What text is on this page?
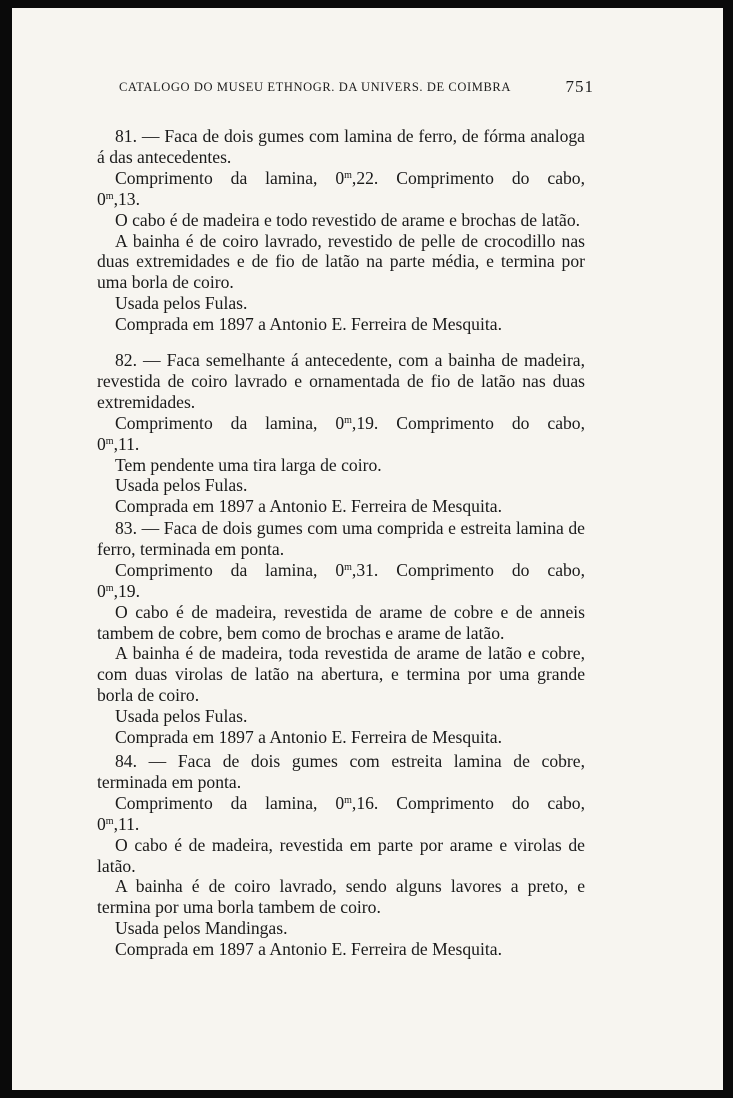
CATALOGO DO MUSEU ETHNOGR. DA UNIVERS. DE COIMBRA	751

81. — Faca de dois gumes com lamina de ferro, de fórma analoga á das antecedentes.

Comprimento da lamina, 0$^m$,22. Comprimento do cabo,

0$^m$,13.

O cabo é de madeira e todo revestido de arame e brochas de latão.

A bainha é de coiro lavrado, revestido de pelle de crocodillo nas duas extremidades e de fio de latão na parte média, e termina por uma borla de coiro.

Usada pelos Fulas.

Comprada em 1897 a Antonio E. Ferreira de Mesquita.

82. — Faca semelhante á antecedente, com a bainha de madeira, revestida de coiro lavrado e ornamentada de fio de latão nas duas extremidades.

Comprimento da lamina, 0$^m$,19. Comprimento do cabo,

0$^m$,11.

Tem pendente uma tira larga de coiro.

Usada pelos Fulas.

Comprada em 1897 a Antonio E. Ferreira de Mesquita.

83. — Faca de dois gumes com uma comprida e estreita lamina de ferro, terminada em ponta.

Comprimento da lamina, 0$^m$,31. Comprimento do cabo,

0$^m$,19.

O cabo é de madeira, revestida de arame de cobre e de anneis tambem de cobre, bem como de brochas e arame de latão.

A bainha é de madeira, toda revestida de arame de latão e cobre, com duas virolas de latão na abertura, e termina por uma grande borla de coiro.

Usada pelos Fulas.

Comprada em 1897 a Antonio E. Ferreira de Mesquita.

84. — Faca de dois gumes com estreita lamina de cobre, terminada em ponta.

Comprimento da lamina, 0$^m$,16. Comprimento do cabo,

0$^m$,11.

O cabo é de madeira, revestida em parte por arame e virolas de latão.

A bainha é de coiro lavrado, sendo alguns lavores a preto, e termina por uma borla tambem de coiro.

Usada pelos Mandingas.

Comprada em 1897 a Antonio E. Ferreira de Mesquita.
